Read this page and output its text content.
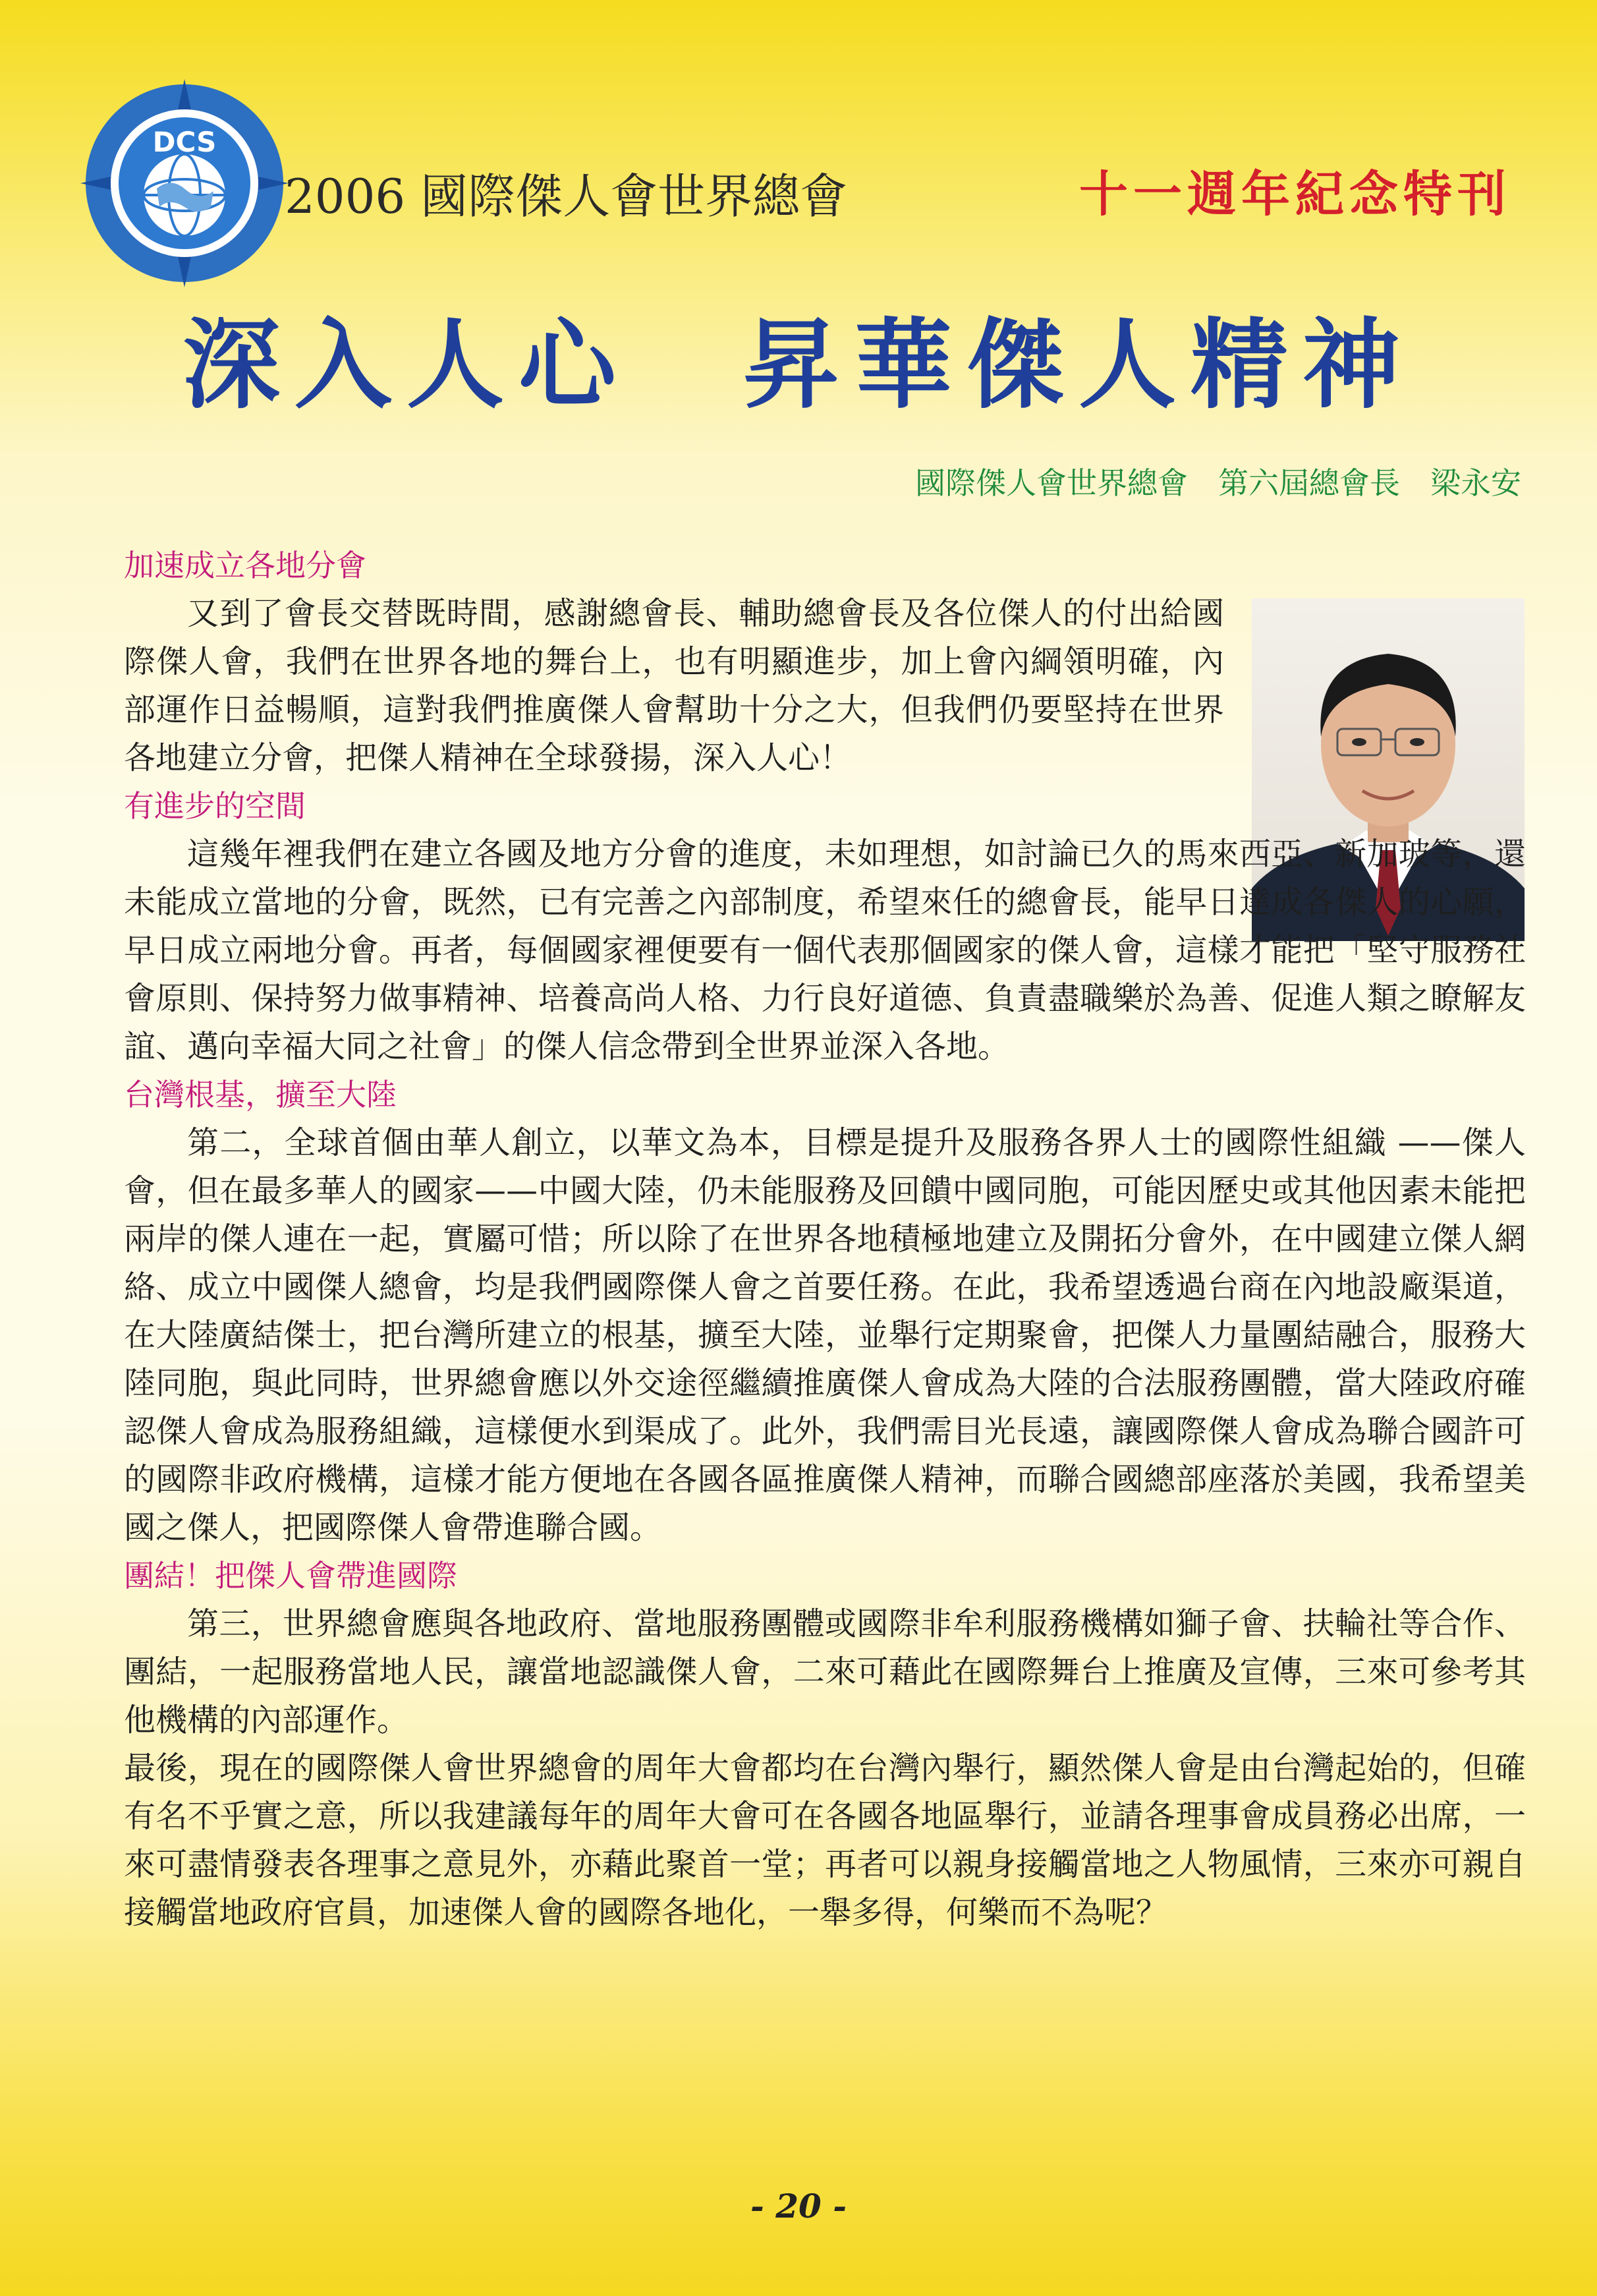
DCS
2006 國際傑人會世界總會	十一週年紀念特刊
深入人心　昇華傑人精神
國際傑人會世界總會　第六屆總會長　梁永安
加速成立各地分會

又到了會長交替既時間，感謝總會長、輔助總會長及各位傑人的付出給國際傑人會，我們在世界各地的舞台上，也有明顯進步，加上會內綱領明確，內部運作日益暢順，這對我們推廣傑人會幫助十分之大，但我們仍要堅持在世界各地建立分會，把傑人精神在全球發揚，深入人心！

有進步的空間

這幾年裡我們在建立各國及地方分會的進度，未如理想，如討論已久的馬來西亞、新加玻等，還未能成立當地的分會，既然，已有完善之內部制度，希望來任的總會長，能早日達成各傑人的心願，早日成立兩地分會。再者，每個國家裡便要有一個代表那個國家的傑人會，這樣才能把「堅守服務社會原則、保持努力做事精神、培養高尚人格、力行良好道德、負責盡職樂於為善、促進人類之瞭解友誼、邁向幸福大同之社會」的傑人信念帶到全世界並深入各地。

台灣根基，擴至大陸

第二，全球首個由華人創立，以華文為本，目標是提升及服務各界人士的國際性組織 ——傑人會，但在最多華人的國家——中國大陸，仍未能服務及回饋中國同胞，可能因歷史或其他因素未能把兩岸的傑人連在一起，實屬可惜；所以除了在世界各地積極地建立及開拓分會外，在中國建立傑人網絡、成立中國傑人總會，均是我們國際傑人會之首要任務。在此，我希望透過台商在內地設廠渠道，在大陸廣結傑士，把台灣所建立的根基，擴至大陸，並舉行定期聚會，把傑人力量團結融合，服務大陸同胞，與此同時，世界總會應以外交途徑繼續推廣傑人會成為大陸的合法服務團體，當大陸政府確認傑人會成為服務組織，這樣便水到渠成了。此外，我們需目光長遠，讓國際傑人會成為聯合國許可的國際非政府機構，這樣才能方便地在各國各區推廣傑人精神，而聯合國總部座落於美國，我希望美國之傑人，把國際傑人會帶進聯合國。

團結！把傑人會帶進國際

第三，世界總會應與各地政府、當地服務團體或國際非牟利服務機構如獅子會、扶輪社等合作、團結，一起服務當地人民，讓當地認識傑人會，二來可藉此在國際舞台上推廣及宣傳，三來可參考其他機構的內部運作。

最後，現在的國際傑人會世界總會的周年大會都均在台灣內舉行，顯然傑人會是由台灣起始的，但確有名不乎實之意，所以我建議每年的周年大會可在各國各地區舉行，並請各理事會成員務必出席，一來可盡情發表各理事之意見外，亦藉此聚首一堂；再者可以親身接觸當地之人物風情，三來亦可親自接觸當地政府官員，加速傑人會的國際各地化，一舉多得，何樂而不為呢？

- 20 -
